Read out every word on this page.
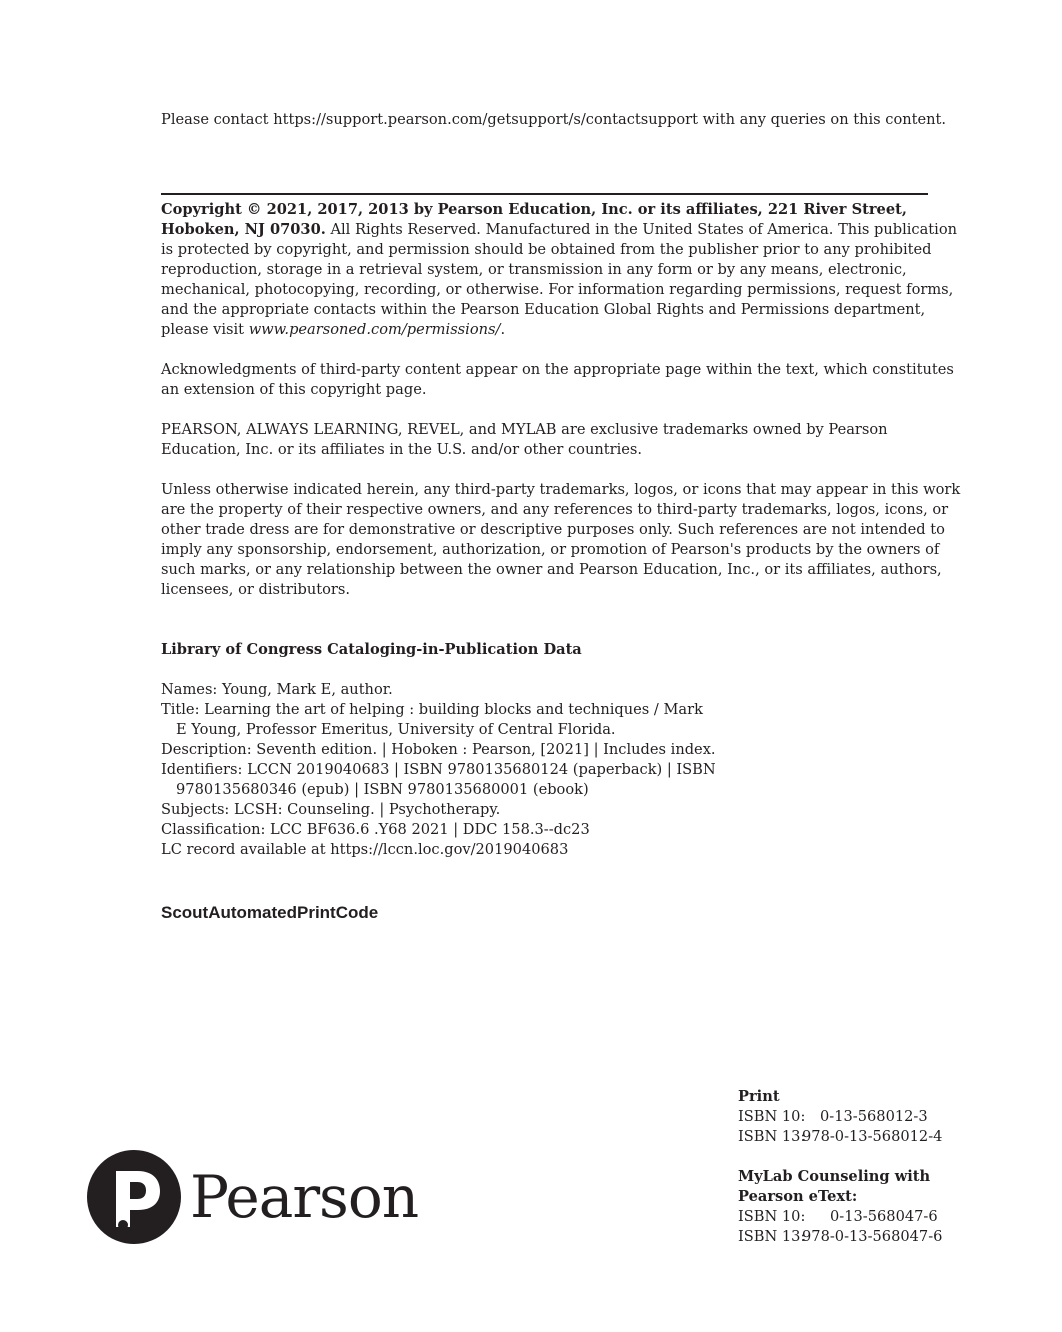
Please contact https://support.pearson.com/getsupport/s/contactsupport with any queries on this content.
Copyright © 2021, 2017, 2013 by Pearson Education, Inc. or its affiliates, 221 River Street,
Hoboken, NJ 07030. All Rights Reserved. Manufactured in the United States of America. This publication
is protected by copyright, and permission should be obtained from the publisher prior to any prohibited
reproduction, storage in a retrieval system, or transmission in any form or by any means, electronic,
mechanical, photocopying, recording, or otherwise. For information regarding permissions, request forms,
and the appropriate contacts within the Pearson Education Global Rights and Permissions department,
please visit www.pearsoned.com/permissions/.
Acknowledgments of third-party content appear on the appropriate page within the text, which constitutes
an extension of this copyright page.
PEARSON, ALWAYS LEARNING, REVEL, and MYLAB are exclusive trademarks owned by Pearson
Education, Inc. or its affiliates in the U.S. and/or other countries.
Unless otherwise indicated herein, any third-party trademarks, logos, or icons that may appear in this work
are the property of their respective owners, and any references to third-party trademarks, logos, icons, or
other trade dress are for demonstrative or descriptive purposes only. Such references are not intended to
imply any sponsorship, endorsement, authorization, or promotion of Pearson's products by the owners of
such marks, or any relationship between the owner and Pearson Education, Inc., or its affiliates, authors,
licensees, or distributors.
Library of Congress Cataloging-in-Publication Data
Names: Young, Mark E, author.
Title: Learning the art of helping : building blocks and techniques / Mark
E Young, Professor Emeritus, University of Central Florida.
Description: Seventh edition. | Hoboken : Pearson, [2021] | Includes index.
Identifiers: LCCN 2019040683 | ISBN 9780135680124 (paperback) | ISBN
9780135680346 (epub) | ISBN 9780135680001 (ebook)
Subjects: LCSH: Counseling. | Psychotherapy.
Classification: LCC BF636.6 .Y68 2021 | DDC 158.3--dc23
LC record available at https://lccn.loc.gov/2019040683
ScoutAutomatedPrintCode
Pearson
Print
ISBN 10:	0-13-568012-3
ISBN 13:
978-0-13-568012-4
MyLab Counseling with
Pearson eText:
ISBN 10:	0-13-568047-6
ISBN 13:
978-0-13-568047-6
